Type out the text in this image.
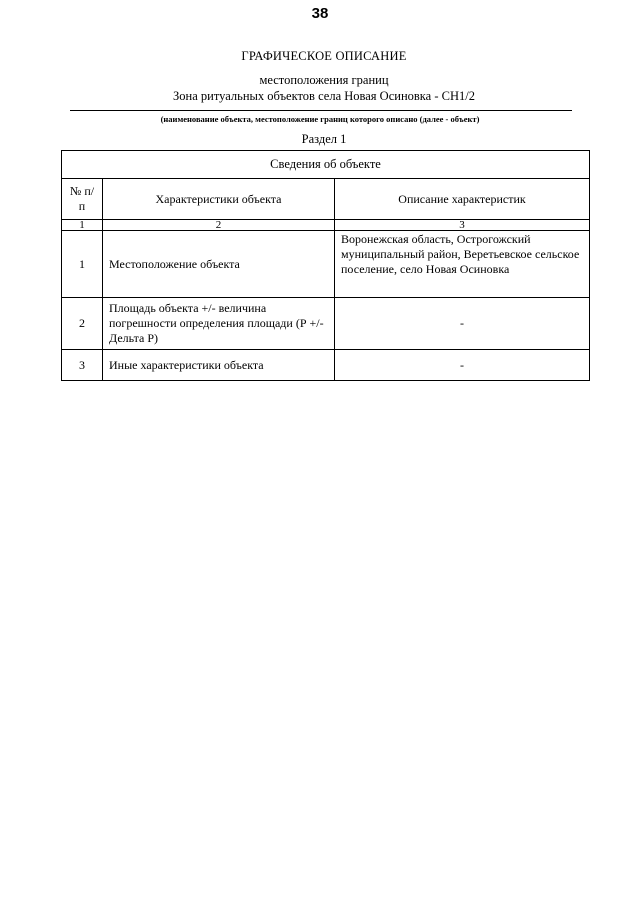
38
ГРАФИЧЕСКОЕ ОПИСАНИЕ
местоположения границ
Зона ритуальных объектов села Новая Осиновка - СН1/2
(наименование объекта, местоположение границ которого описано (далее - объект)
Раздел 1
Сведения об объекте		
№ п/п	Характеристики объекта	Описание характеристик
1	2	3
1	Местоположение объекта	Воронежская область, Острогожский муниципальный район, Веретьевское сельское поселение, село Новая Осиновка
2	Площадь объекта +/- величина погрешности определения площади (Р +/- Дельта Р)	-
3	Иные характеристики объекта	-
